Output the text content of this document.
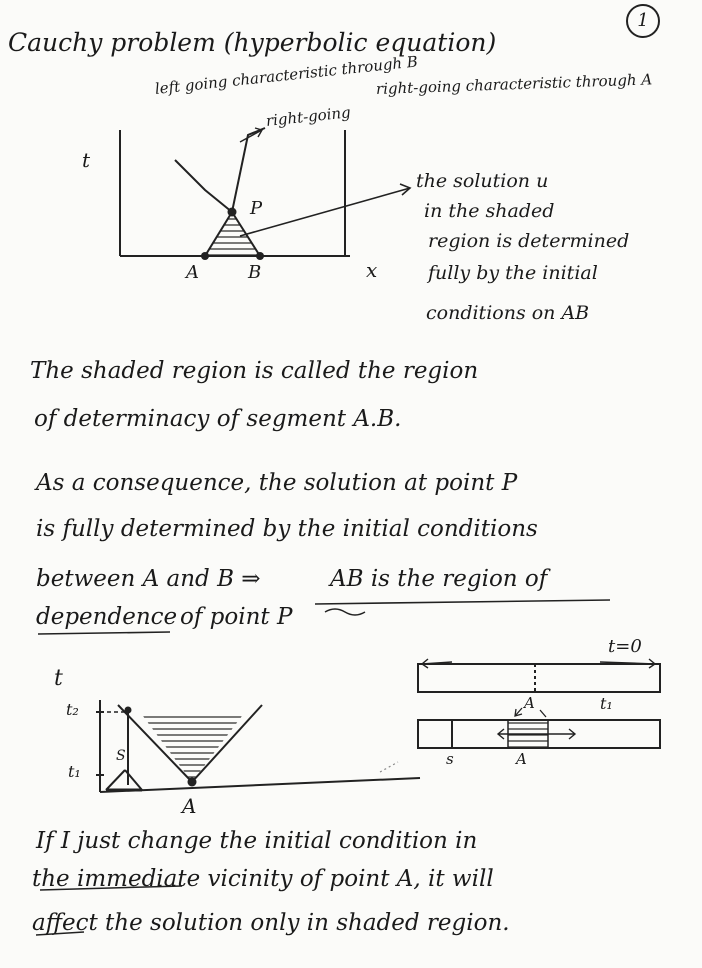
1
Cauchy problem (hyperbolic equation)
left going characteristic through B
right-going characteristic through A
right-going
t
x
P
A	B
the solution u
in the shaded
region is determined
fully by the initial
conditions on AB
The shaded region is called the region
of determinacy of segment A.B.
As a consequence, the solution at point P
is fully determined by the initial conditions
between A and B ⇒	AB is the region of
dependence of point P
t
t₂
t₁
S
A
t=0
A	t₁
s	A
If I just change the initial condition in
the immediate vicinity of point A, it will
affect the solution only in shaded region.
